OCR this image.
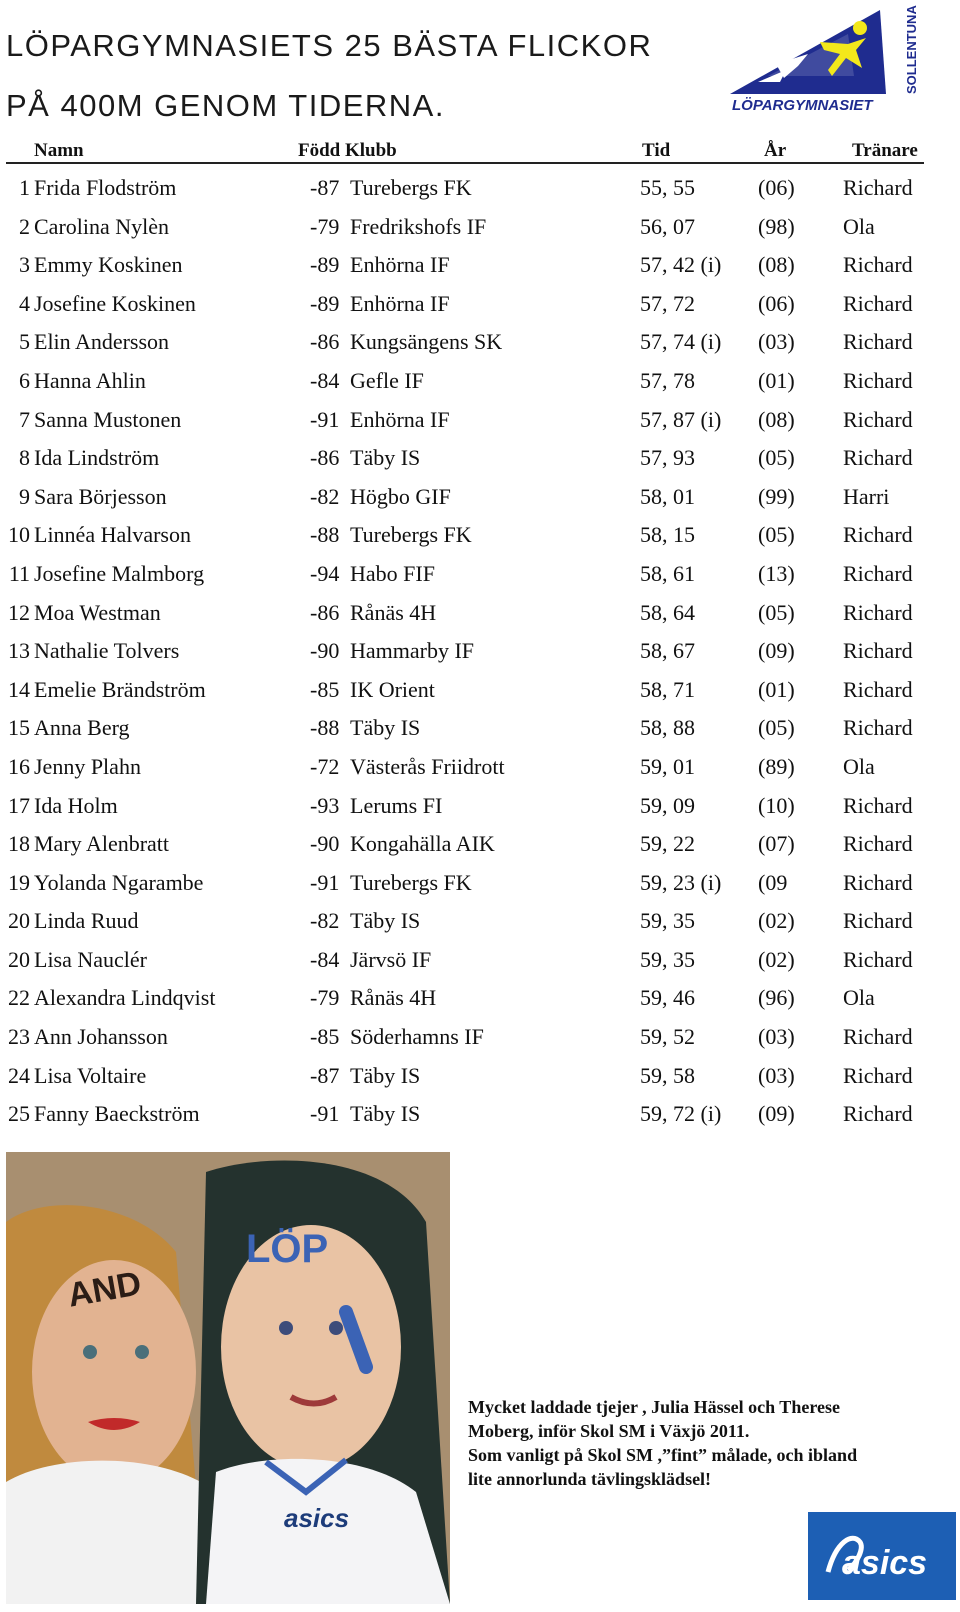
LÖPARGYMNASIETS 25 BÄSTA FLICKOR
PÅ 400M GENOM TIDERNA.	LÖPARGYMNASIET
SOLLENTUNA
Namn	Född Klubb	Tid	År	Tränare
1 Frida Flodström	-87 Turebergs FK	55, 55	(06) Richard
2 Carolina Nylèn	-79 Fredrikshofs IF	56, 07	(98) Ola
3 Emmy Koskinen	-89 Enhörna IF	57, 42 (i) (08) Richard
4 Josefine Koskinen	-89 Enhörna IF	57, 72	(06) Richard
5 Elin Andersson	-86 Kungsängens SK	57, 74 (i) (03) Richard
6 Hanna Ahlin	-84 Gefle IF	57, 78	(01) Richard
7 Sanna Mustonen	-91 Enhörna IF	57, 87 (i) (08) Richard
8 Ida Lindström	-86 Täby IS	57, 93	(05) Richard
9 Sara Börjesson	-82 Högbo GIF	58, 01	(99) Harri
10 Linnéa Halvarson	-88 Turebergs FK	58, 15	(05) Richard
11 Josefine Malmborg	-94 Habo FIF	58, 61	(13) Richard
12 Moa Westman	-86 Rånäs 4H	58, 64	(05) Richard
13 Nathalie Tolvers	-90 Hammarby IF	58, 67	(09) Richard
14 Emelie Brändström	-85 IK Orient	58, 71	(01) Richard
15 Anna Berg	-88 Täby IS	58, 88	(05) Richard
16 Jenny Plahn	-72 Västerås Friidrott	59, 01	(89) Ola
17 Ida Holm	-93 Lerums FI	59, 09	(10) Richard
18 Mary Alenbratt	-90 Kongahälla AIK	59, 22	(07) Richard
19 Yolanda Ngarambe	-91 Turebergs FK	59, 23 (i) (09	Richard
20 Linda Ruud	-82 Täby IS	59, 35	(02) Richard
20 Lisa Nauclér	-84 Järvsö IF	59, 35	(02) Richard
22 Alexandra Lindqvist	-79 Rånäs 4H	59, 46	(96) Ola
23 Ann Johansson	-85 Söderhamns IF	59, 52	(03) Richard
24 Lisa Voltaire	-87 Täby IS	59, 58	(03) Richard
25 Fanny Baeckström	-91 Täby IS	59, 72 (i) (09) Richard
AND
LÖP
asics
Mycket laddade tjejer , Julia Hässel och Therese
Moberg, inför Skol SM i Växjö 2011.
Som vanligt på Skol SM ,”fint” målade, och ibland
lite annorlunda tävlingsklädsel!
asics
